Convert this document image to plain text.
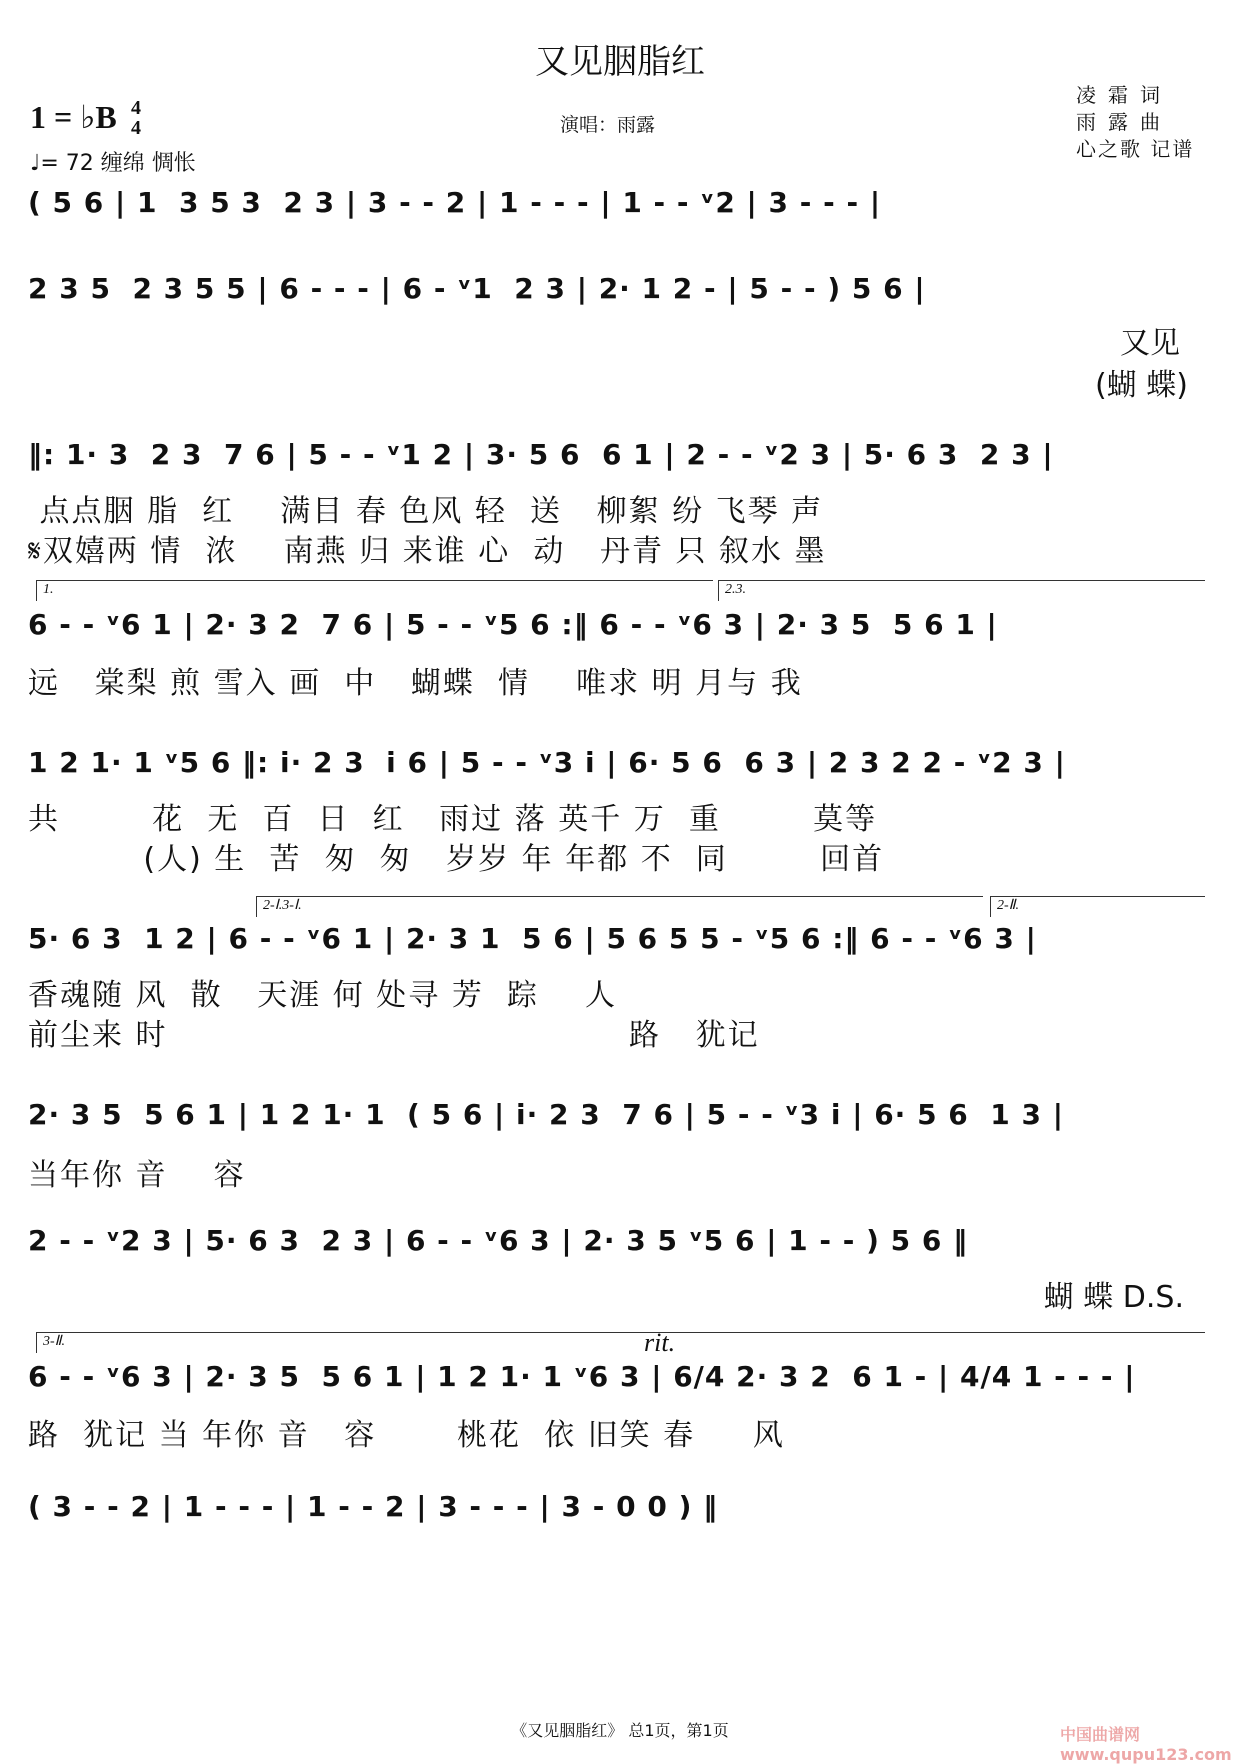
又见胭脂红
1 = ♭B 4
4
♩= 72 缠绵 惆怅
演唱：雨露
凌霜词
雨露曲
心之歌 记谱
( 5 6 | 1  3 5 3  2 3 | 3 - - 2 | 1 - - - | 1 - - ᵛ2 | 3 - - - |
2 3 5  2 3 5 5 | 6 - - - | 6 - ᵛ1  2 3 | 2· 1 2 - | 5 - - ) 5 6 |
又见
(蝴 蝶)
‖: 1· 3  2 3  7 6 | 5 - - ᵛ1 2 | 3· 5 6  6 1 | 2 - - ᵛ2 3 | 5· 6 3  2 3 |
点点胭 脂  红    满目 春 色风 轻  送   柳絮 纷 飞琴 声
𝄋双嬉两 情  浓    南燕 归 来谁 心  动   丹青 只 叙水 墨
1.	2.3.
6 - - ᵛ6 1 | 2· 3 2  7 6 | 5 - - ᵛ5 6 :‖ 6 - - ᵛ6 3 | 2· 3 5  5 6 1 |
远   棠梨 煎 雪入 画  中   蝴蝶  情    唯求 明 月与 我
1 2 1· 1 ᵛ5 6 ‖: i· 2 3  i 6 | 5 - - ᵛ3 i | 6· 5 6  6 3 | 2 3 2 2 - ᵛ2 3 |
共        花  无  百  日  红   雨过 落 英千 万  重        莫等
(人) 生  苦  匆  匆   岁岁 年 年都 不  同        回首
2-Ⅰ.3-Ⅰ.	2-Ⅱ.
5· 6 3  1 2 | 6 - - ᵛ6 1 | 2· 3 1  5 6 | 5 6 5 5 - ᵛ5 6 :‖ 6 - - ᵛ6 3 |
香魂随 风  散   天涯 何 处寻 芳  踪    人
前尘来 时                                        路   犹记
2· 3 5  5 6 1 | 1 2 1· 1  ( 5 6 | i· 2 3  7 6 | 5 - - ᵛ3 i | 6· 5 6  1 3 |
当年你 音    容
2 - - ᵛ2 3 | 5· 6 3  2 3 | 6 - - ᵛ6 3 | 2· 3 5 ᵛ5 6 | 1 - - ) 5 6 ‖
蝴 蝶 D.S.
3-Ⅱ.	rit.
6 - - ᵛ6 3 | 2· 3 5  5 6 1 | 1 2 1· 1 ᵛ6 3 | 6/4 2· 3 2  6 1 - | 4/4 1 - - - |
路  犹记 当 年你 音   容       桃花  依 旧笑 春     风
( 3 - - 2 | 1 - - - | 1 - - 2 | 3 - - - | 3 - 0 0 ) ‖
《又见胭脂红》 总1页，第1页	中国曲谱网 www.qupu123.com
